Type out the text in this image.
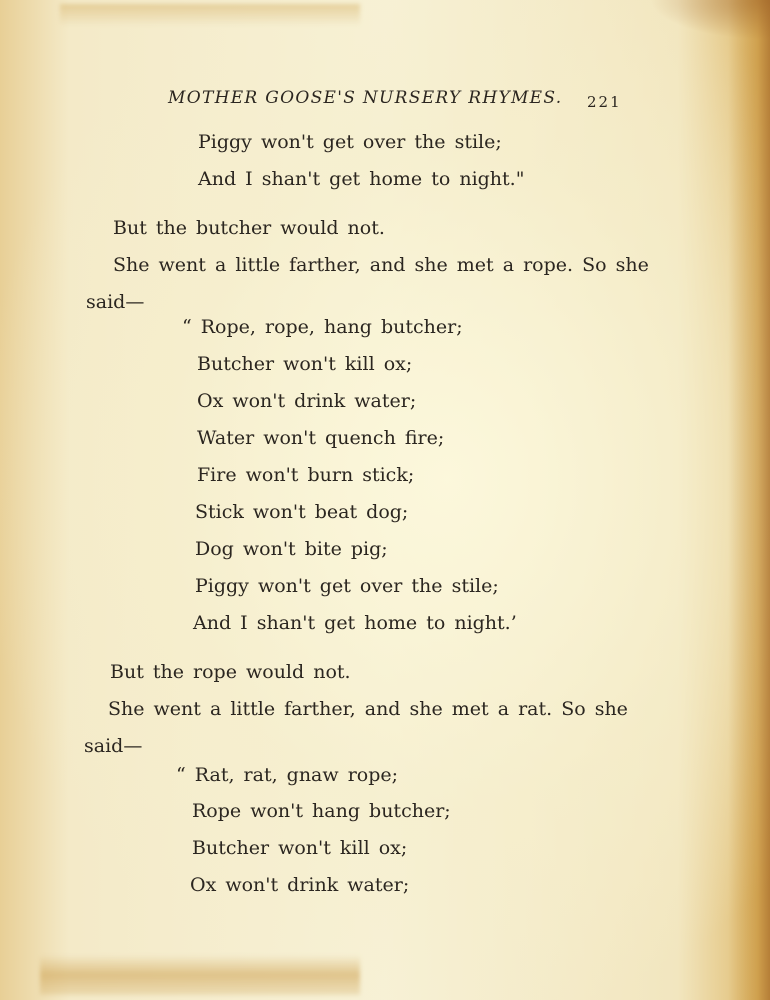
MOTHER GOOSE'S NURSERY RHYMES. 221
Piggy won't get over the stile;
And I shan't get home to night."
But the butcher would not.
She went a little farther, and she met a rope. So she
said—
“ Rope, rope, hang butcher;
Butcher won't kill ox;
Ox won't drink water;
Water won't quench fire;
Fire won't burn stick;
Stick won't beat dog;
Dog won't bite pig;
Piggy won't get over the stile;
And I shan't get home to night.’
But the rope would not.
She went a little farther, and she met a rat. So she
said—
“ Rat, rat, gnaw rope;
Rope won't hang butcher;
Butcher won't kill ox;
Ox won't drink water;
